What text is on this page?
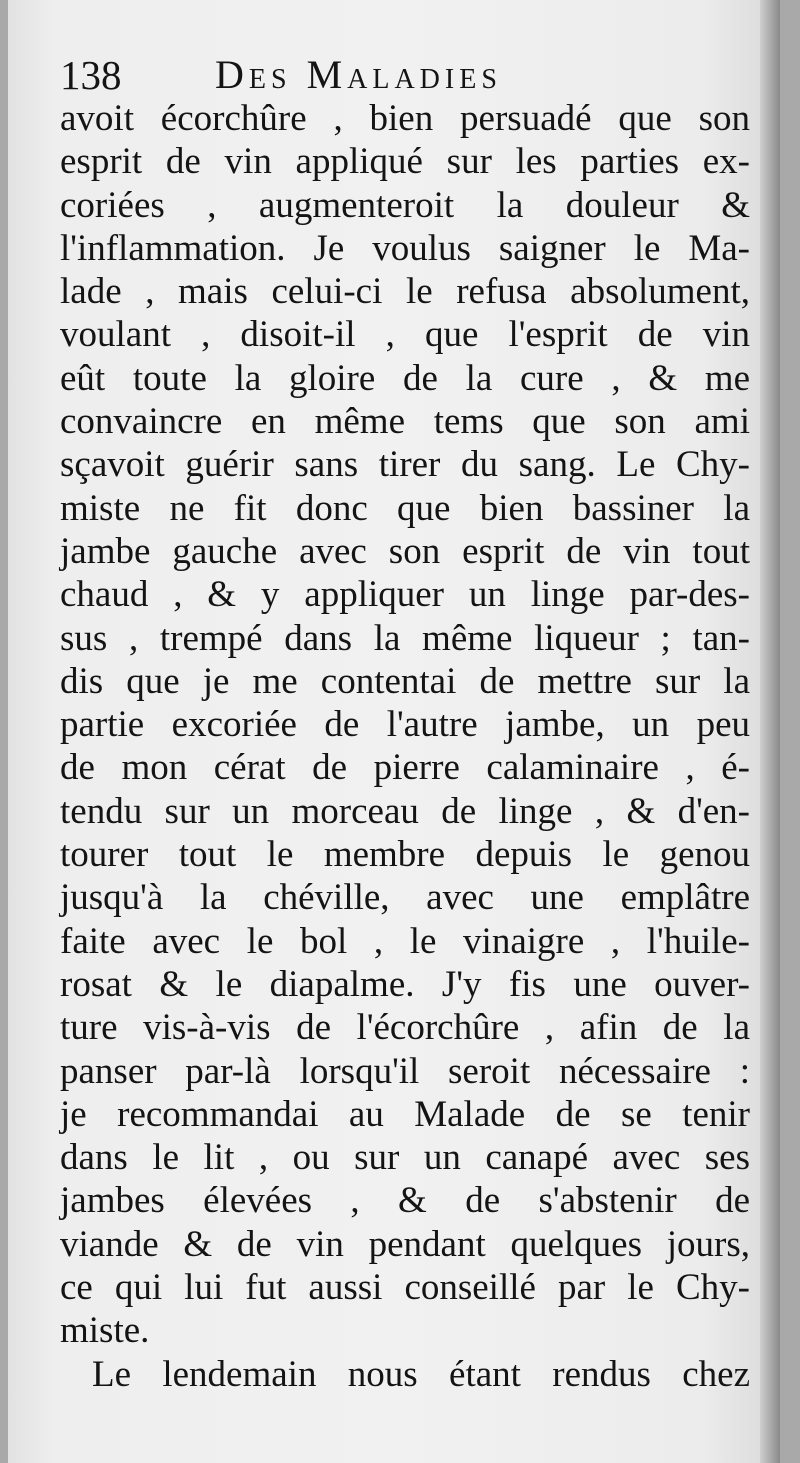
138 Des Maladies
avoit écorchûre , bien persuadé que son
esprit de vin appliqué sur les parties ex-
coriées , augmenteroit la douleur &
l'inflammation. Je voulus saigner le Ma-
lade , mais celui-ci le refusa absolument,
voulant , disoit-il , que l'esprit de vin
eût toute la gloire de la cure , & me
convaincre en même tems que son ami
sçavoit guérir sans tirer du sang. Le Chy-
miste ne fit donc que bien bassiner la
jambe gauche avec son esprit de vin tout
chaud , & y appliquer un linge par-des-
sus , trempé dans la même liqueur ; tan-
dis que je me contentai de mettre sur la
partie excoriée de l'autre jambe, un peu
de mon cérat de pierre calaminaire , é-
tendu sur un morceau de linge , & d'en-
tourer tout le membre depuis le genou
jusqu'à la chéville, avec une emplâtre
faite avec le bol , le vinaigre , l'huile-
rosat & le diapalme. J'y fis une ouver-
ture vis-à-vis de l'écorchûre , afin de la
panser par-là lorsqu'il seroit nécessaire :
je recommandai au Malade de se tenir
dans le lit , ou sur un canapé avec ses
jambes élevées , & de s'abstenir de
viande & de vin pendant quelques jours,
ce qui lui fut aussi conseillé par le Chy-
miste.
Le lendemain nous étant rendus chez
